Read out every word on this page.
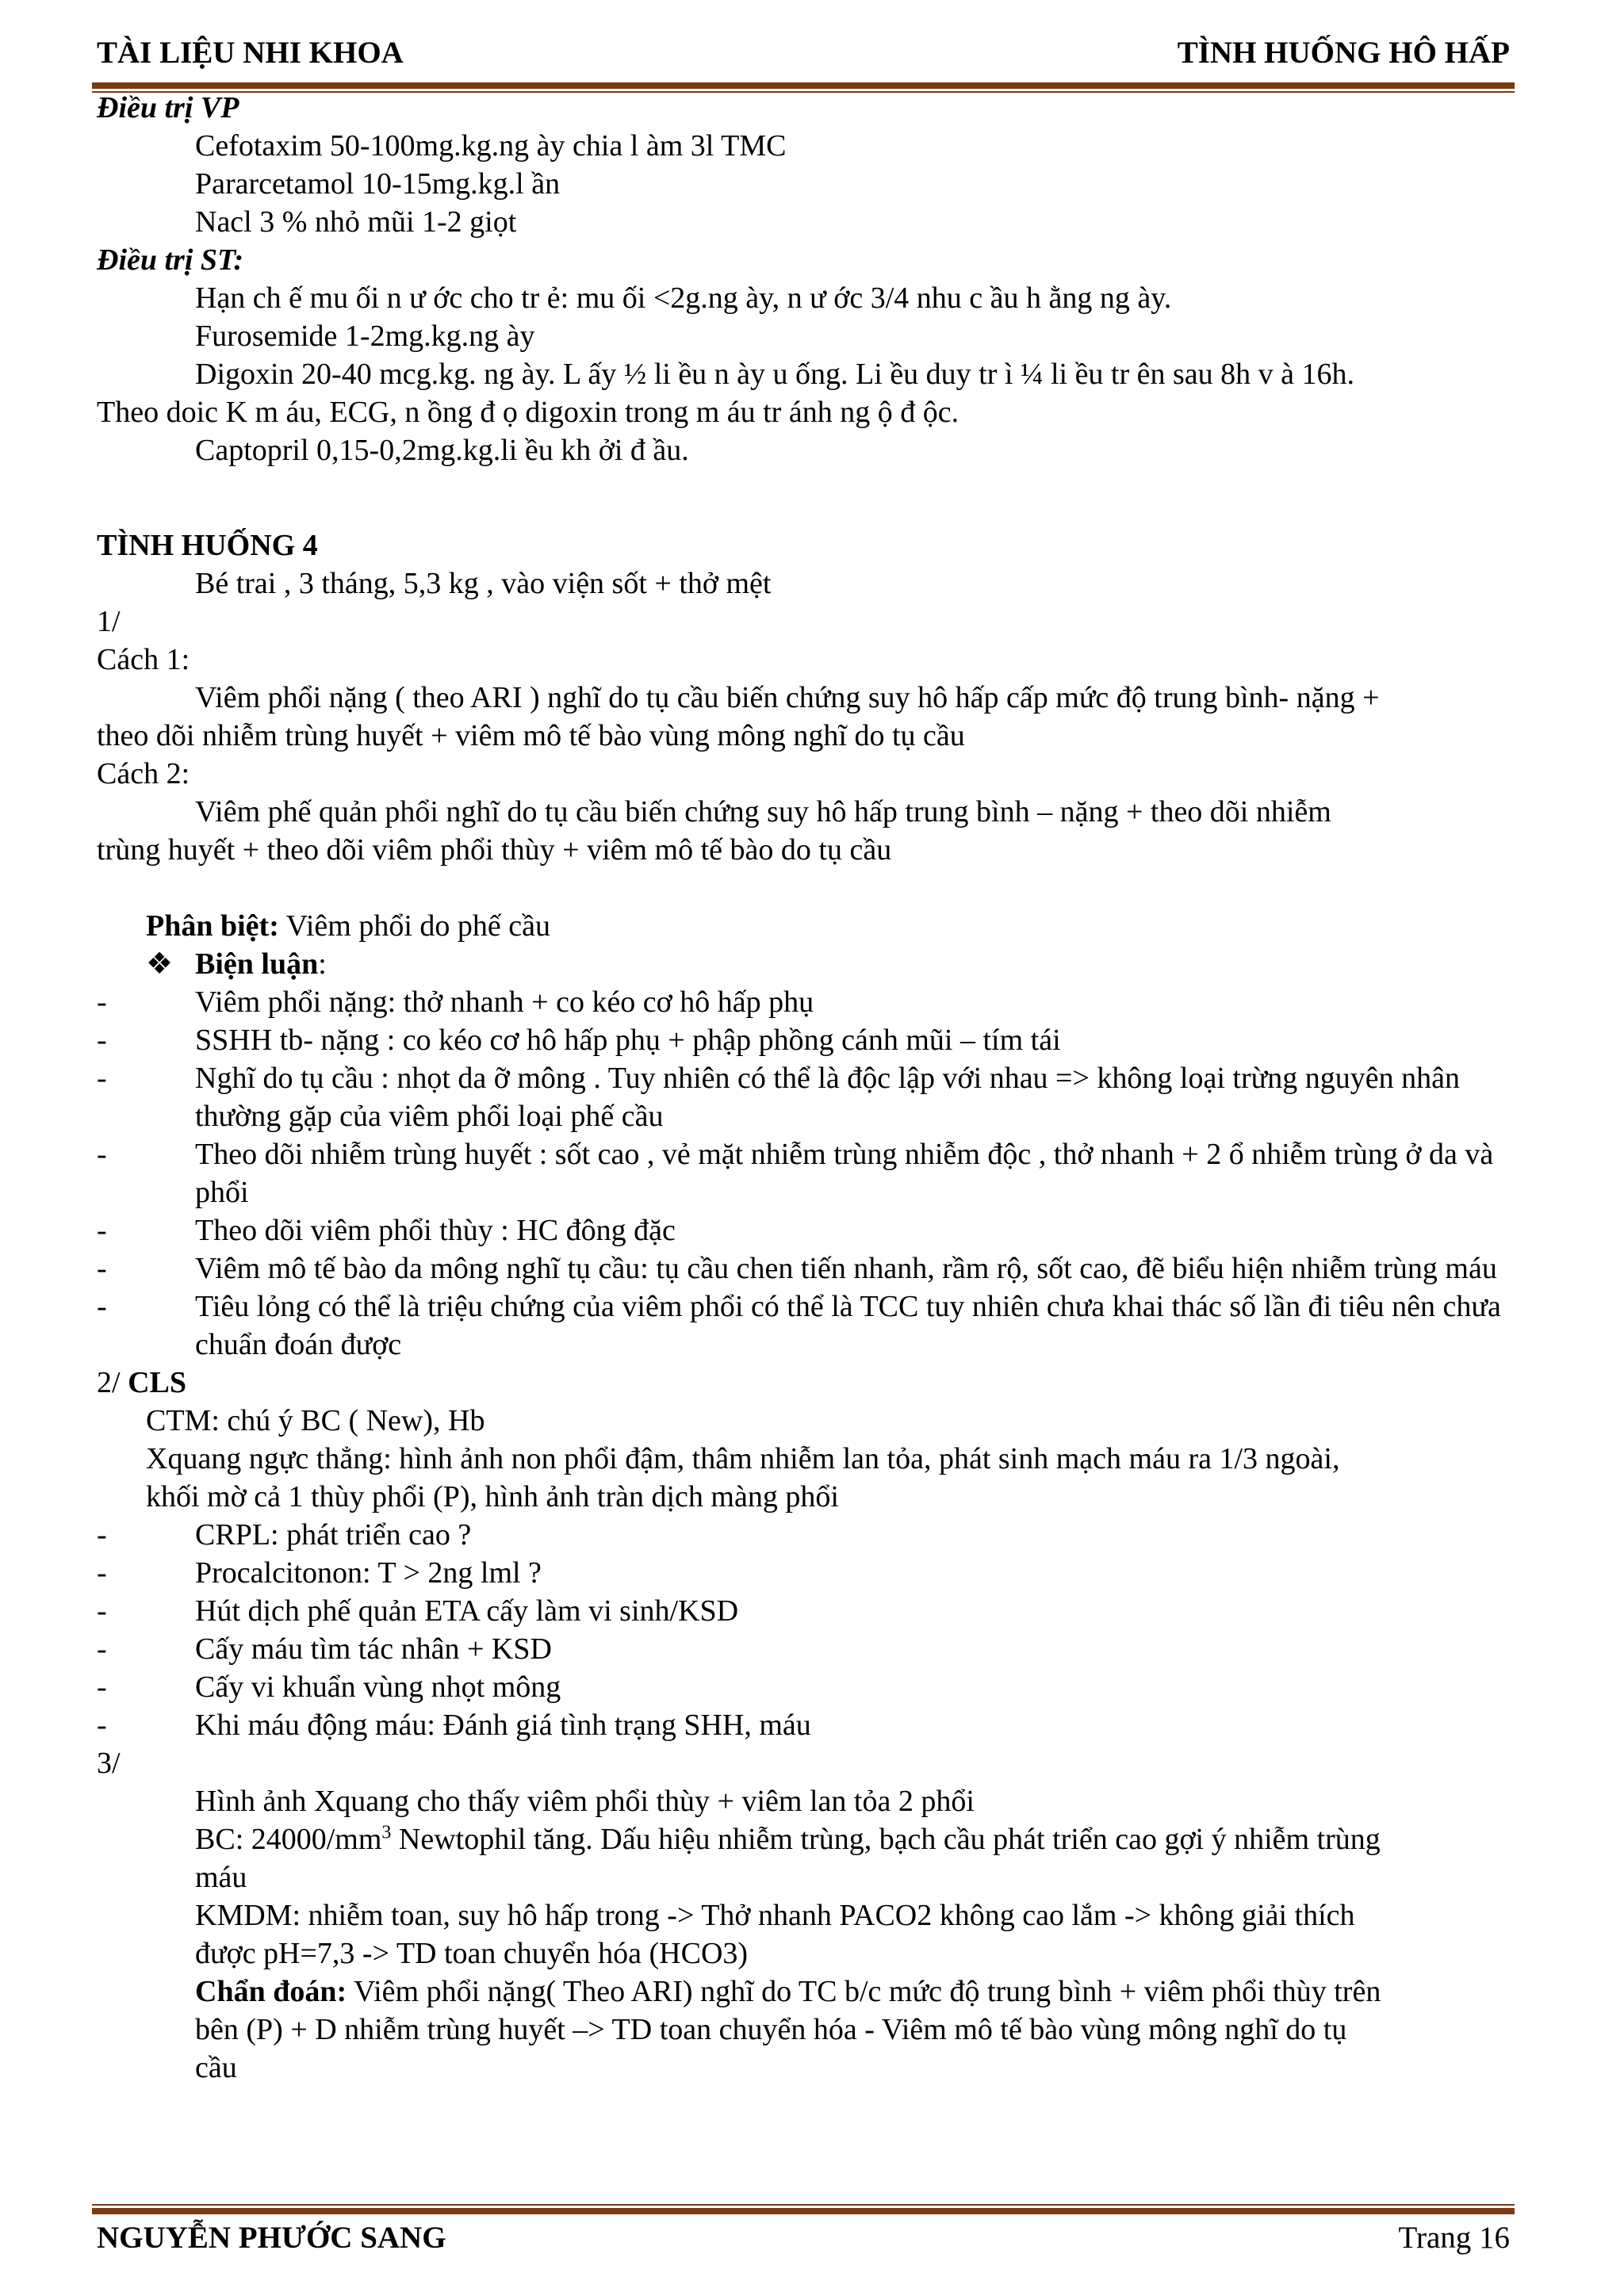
TÀI LIỆU NHI KHOA	TÌNH HUỐNG HÔ HẤP
Điều trị VP
Cefotaxim 50-100mg.kg.ng ày chia l àm 3l TMC
Pararcetamol 10-15mg.kg.l ần
Nacl 3 % nhỏ mũi 1-2 giọt
Điều trị ST:
Hạn ch ế mu ối n ư ớc cho tr ẻ: mu ối <2g.ng ày, n ư ớc 3/4 nhu c ầu h ằng ng ày.
Furosemide 1-2mg.kg.ng ày
Digoxin 20-40 mcg.kg. ng ày. L ấy ½ li ều n ày u ống. Li ều duy tr ì ¼ li ều tr ên sau 8h v à 16h.
Theo doic K m áu, ECG, n ồng đ ọ digoxin trong m áu tr ánh ng ộ đ ộc.
Captopril 0,15-0,2mg.kg.li ều kh ởi đ ầu.
TÌNH HUỐNG 4
Bé trai , 3 tháng, 5,3 kg , vào viện sốt + thở mệt
1/
Cách 1:
Viêm phổi nặng ( theo ARI ) nghĩ do tụ cầu biến chứng suy hô hấp cấp mức độ trung bình- nặng +
theo dõi nhiễm trùng huyết + viêm mô tế bào vùng mông nghĩ do tụ cầu
Cách 2:
Viêm phế quản phổi nghĩ do tụ cầu biến chứng suy hô hấp trung bình – nặng + theo dõi nhiễm
trùng huyết + theo dõi viêm phổi thùy + viêm mô tế bào do tụ cầu
Phân biệt: Viêm phổi do phế cầu
❖ Biện luận:
-	Viêm phổi nặng: thở nhanh + co kéo cơ hô hấp phụ
-	SSHH tb- nặng : co kéo cơ hô hấp phụ + phập phồng cánh mũi – tím tái
-	Nghĩ do tụ cầu : nhọt da ỡ mông . Tuy nhiên có thể là độc lập với nhau => không loại trừng nguyên nhân thường gặp của viêm phổi loại phế cầu
-	Theo dõi nhiễm trùng huyết : sốt cao , vẻ mặt nhiễm trùng nhiễm độc , thở nhanh + 2 ổ nhiễm trùng ở da và phổi
-	Theo dõi viêm phổi thùy : HC đông đặc
-	Viêm mô tế bào da mông nghĩ tụ cầu: tụ cầu chen tiến nhanh, rầm rộ, sốt cao, đẽ biểu hiện nhiễm trùng máu
-	Tiêu lỏng có thể là triệu chứng của viêm phổi có thể là TCC tuy nhiên chưa khai thác số lần đi tiêu nên chưa chuẩn đoán được
2/ CLS
CTM: chú ý BC ( New), Hb
Xquang ngực thẳng: hình ảnh non phổi đậm, thâm nhiễm lan tỏa, phát sinh mạch máu ra 1/3 ngoài,
khối mờ cả 1 thùy phổi (P), hình ảnh tràn dịch màng phổi
-	CRPL: phát triển cao ?
-	Procalcitonon: T > 2ng lml ?
-	Hút dịch phế quản ETA cấy làm vi sinh/KSD
-	Cấy máu tìm tác nhân + KSD
-	Cấy vi khuẩn vùng nhọt mông
-	Khi máu động máu: Đánh giá tình trạng SHH, máu
3/
Hình ảnh Xquang cho thấy viêm phổi thùy + viêm lan tỏa 2 phổi
BC: $24000/mm^3$ Newtophil tăng. Dấu hiệu nhiễm trùng, bạch cầu phát triển cao gợi ý nhiễm trùng
máu
KMDM: nhiễm toan, suy hô hấp trong -> Thở nhanh PACO2 không cao lắm -> không giải thích
được pH=7,3 -> TD toan chuyển hóa (HCO3)
Chẩn đoán: Viêm phổi nặng( Theo ARI) nghĩ do TC b/c mức độ trung bình + viêm phổi thùy trên
bên (P) + D nhiễm trùng huyết –> TD toan chuyển hóa - Viêm mô tế bào vùng mông nghĩ do tụ
cầu
NGUYỄN PHƯỚC SANG	Trang 16
